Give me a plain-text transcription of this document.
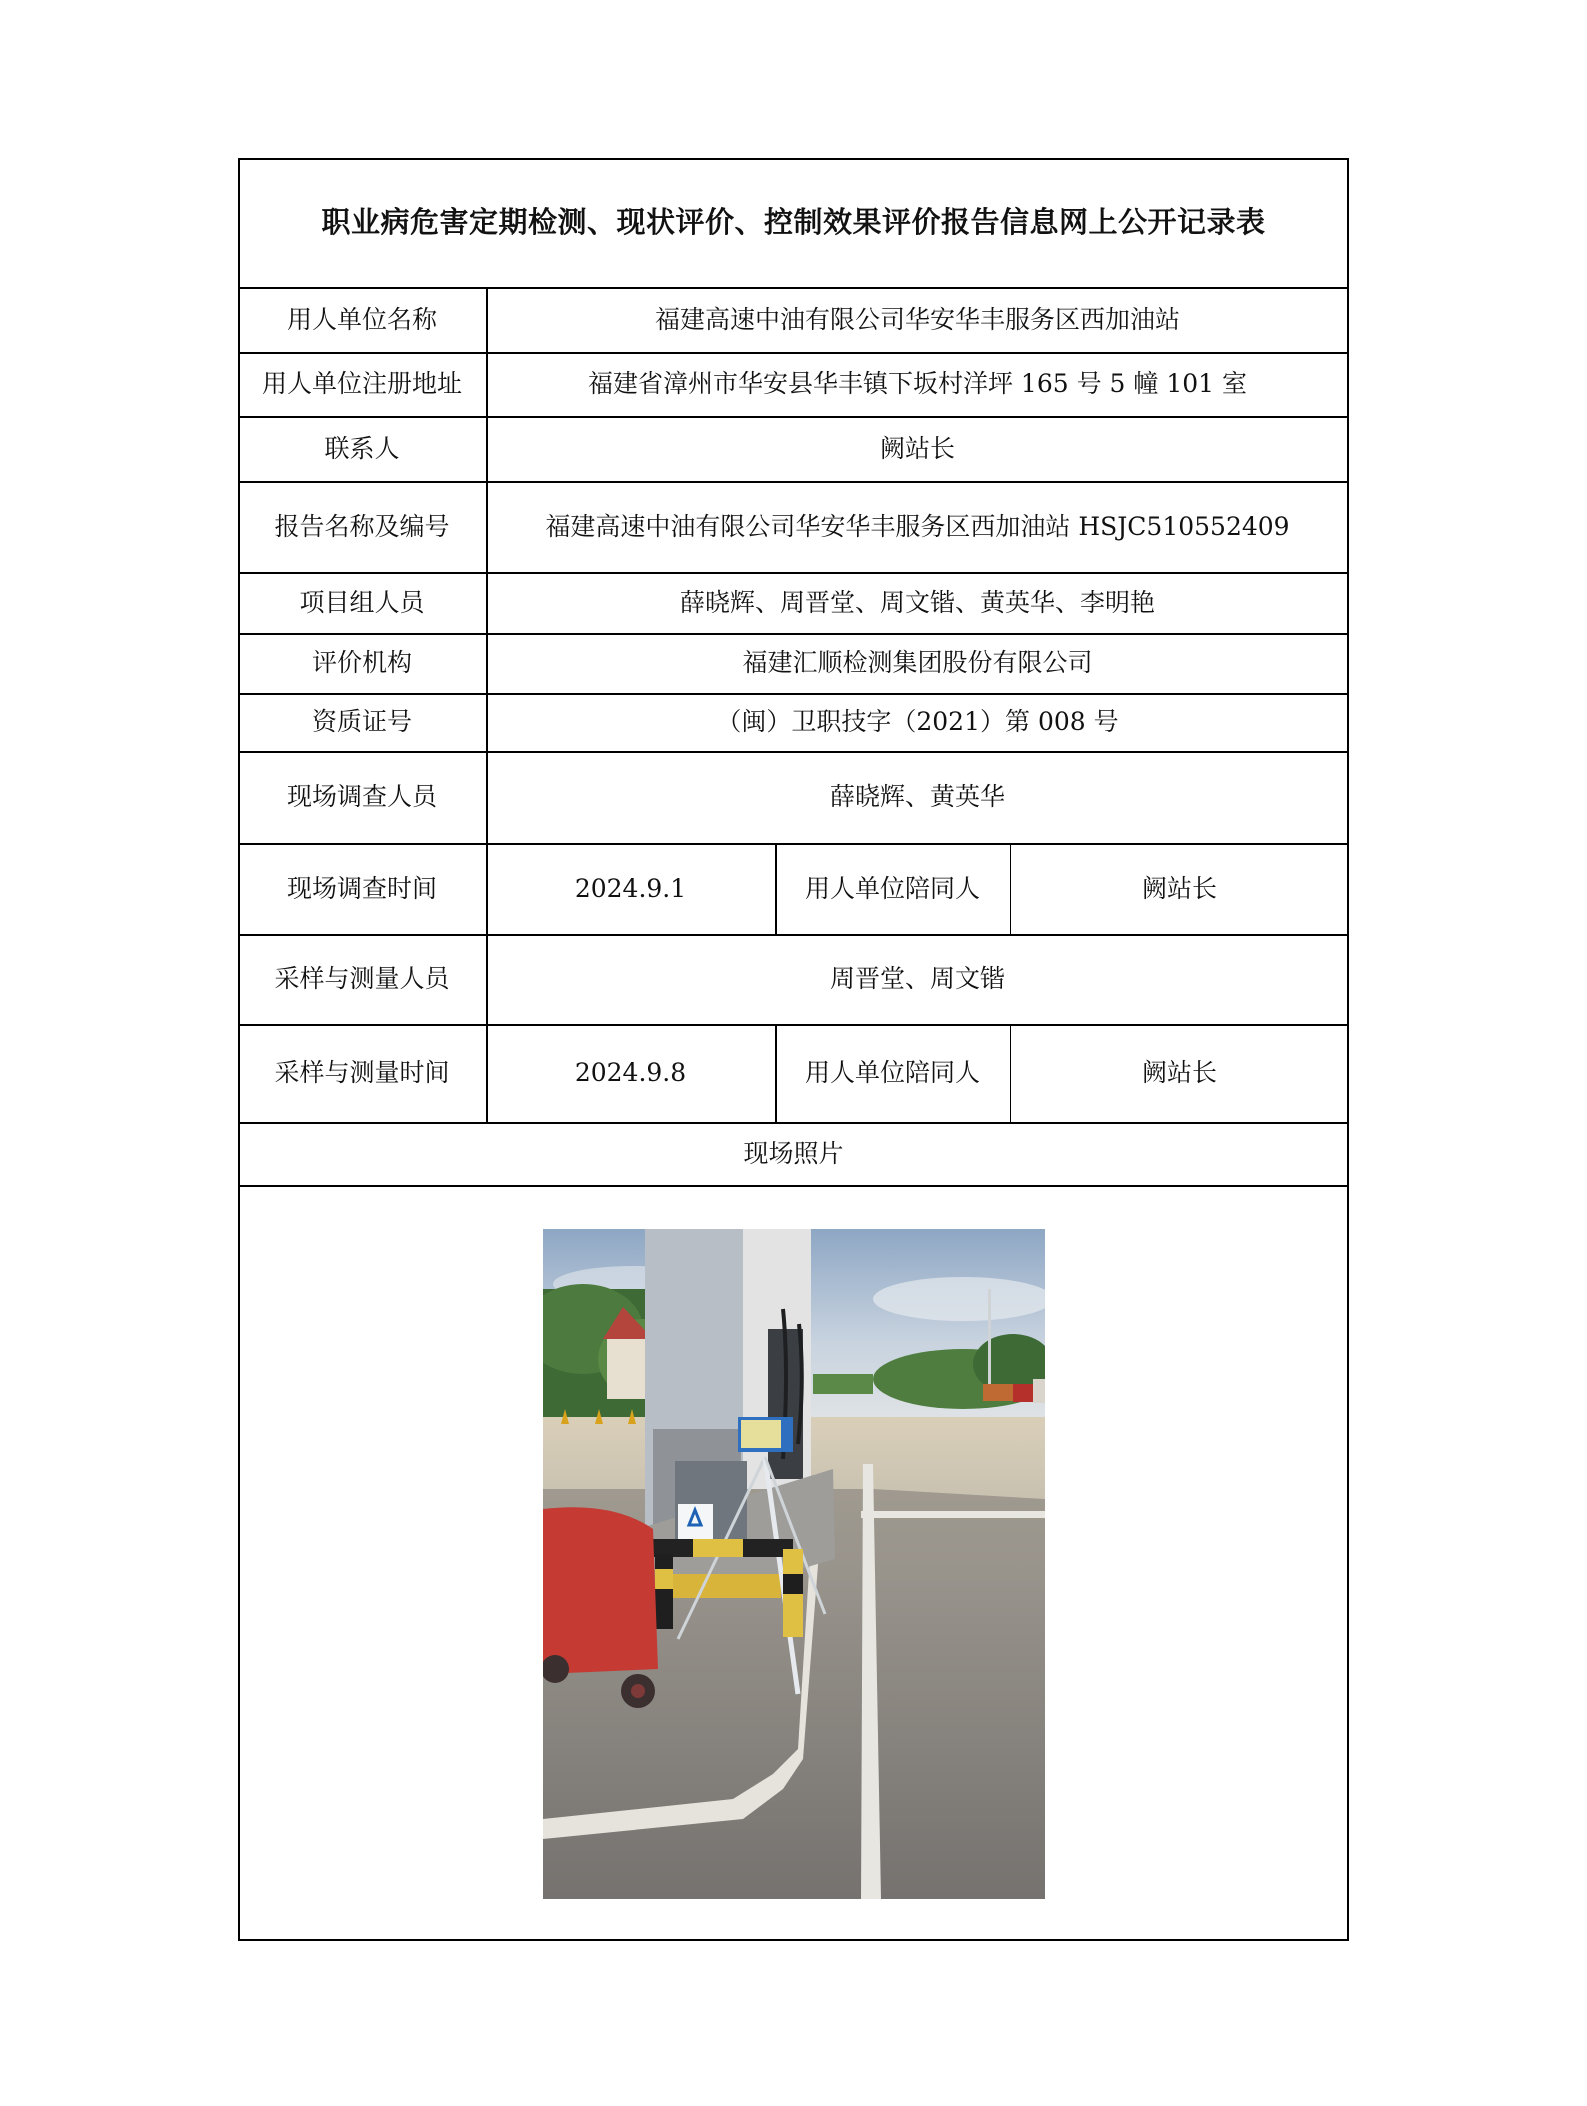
职业病危害定期检测、现状评价、控制效果评价报告信息网上公开记录表
用人单位名称	福建高速中油有限公司华安华丰服务区西加油站
用人单位注册地址	福建省漳州市华安县华丰镇下坂村洋坪 165 号 5 幢 101 室
联系人	阙站长
报告名称及编号	福建高速中油有限公司华安华丰服务区西加油站 HSJC510552409
项目组人员	薛晓辉、周晋堂、周文锴、黄英华、李明艳
评价机构	福建汇顺检测集团股份有限公司
资质证号	（闽）卫职技字（2021）第 008 号
现场调查人员	薛晓辉、黄英华
现场调查时间	2024.9.1	用人单位陪同人	阙站长
采样与测量人员	周晋堂、周文锴
采样与测量时间	2024.9.8	用人单位陪同人	阙站长
现场照片
